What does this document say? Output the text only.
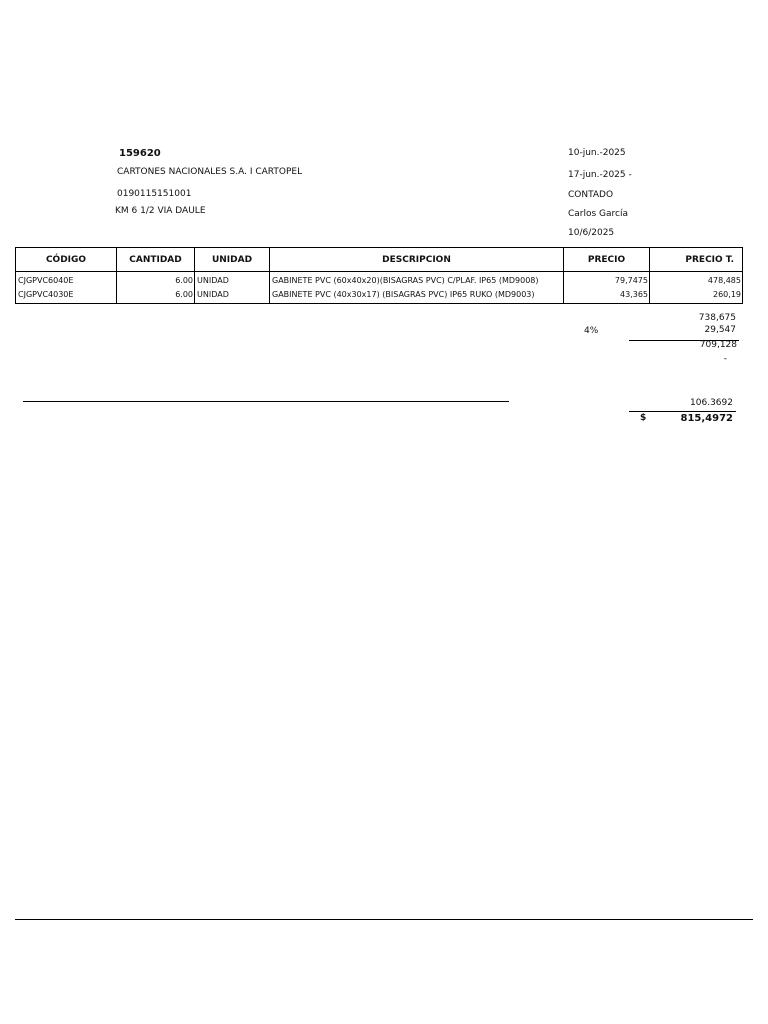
159620
CARTONES NACIONALES S.A. I CARTOPEL
0190115151001
KM 6 1/2 VIA DAULE
10-jun.-2025
17-jun.-2025 -
CONTADO
Carlos García
10/6/2025
CÓDIGO	CANTIDAD	UNIDAD	DESCRIPCION	PRECIO	PRECIO T.
CJGPVC6040E	6.00	UNIDAD	GABINETE PVC (60x40x20)(BISAGRAS PVC) C/PLAF. IP65 (MD9008)	79,7475	478,485
CJGPVC4030E	6.00	UNIDAD	GABINETE PVC (40x30x17) (BISAGRAS PVC) IP65 RUKO (MD9003)	43,365	260,19
738,675
4%	29,547
709,128
-
106.3692
$	815,4972
